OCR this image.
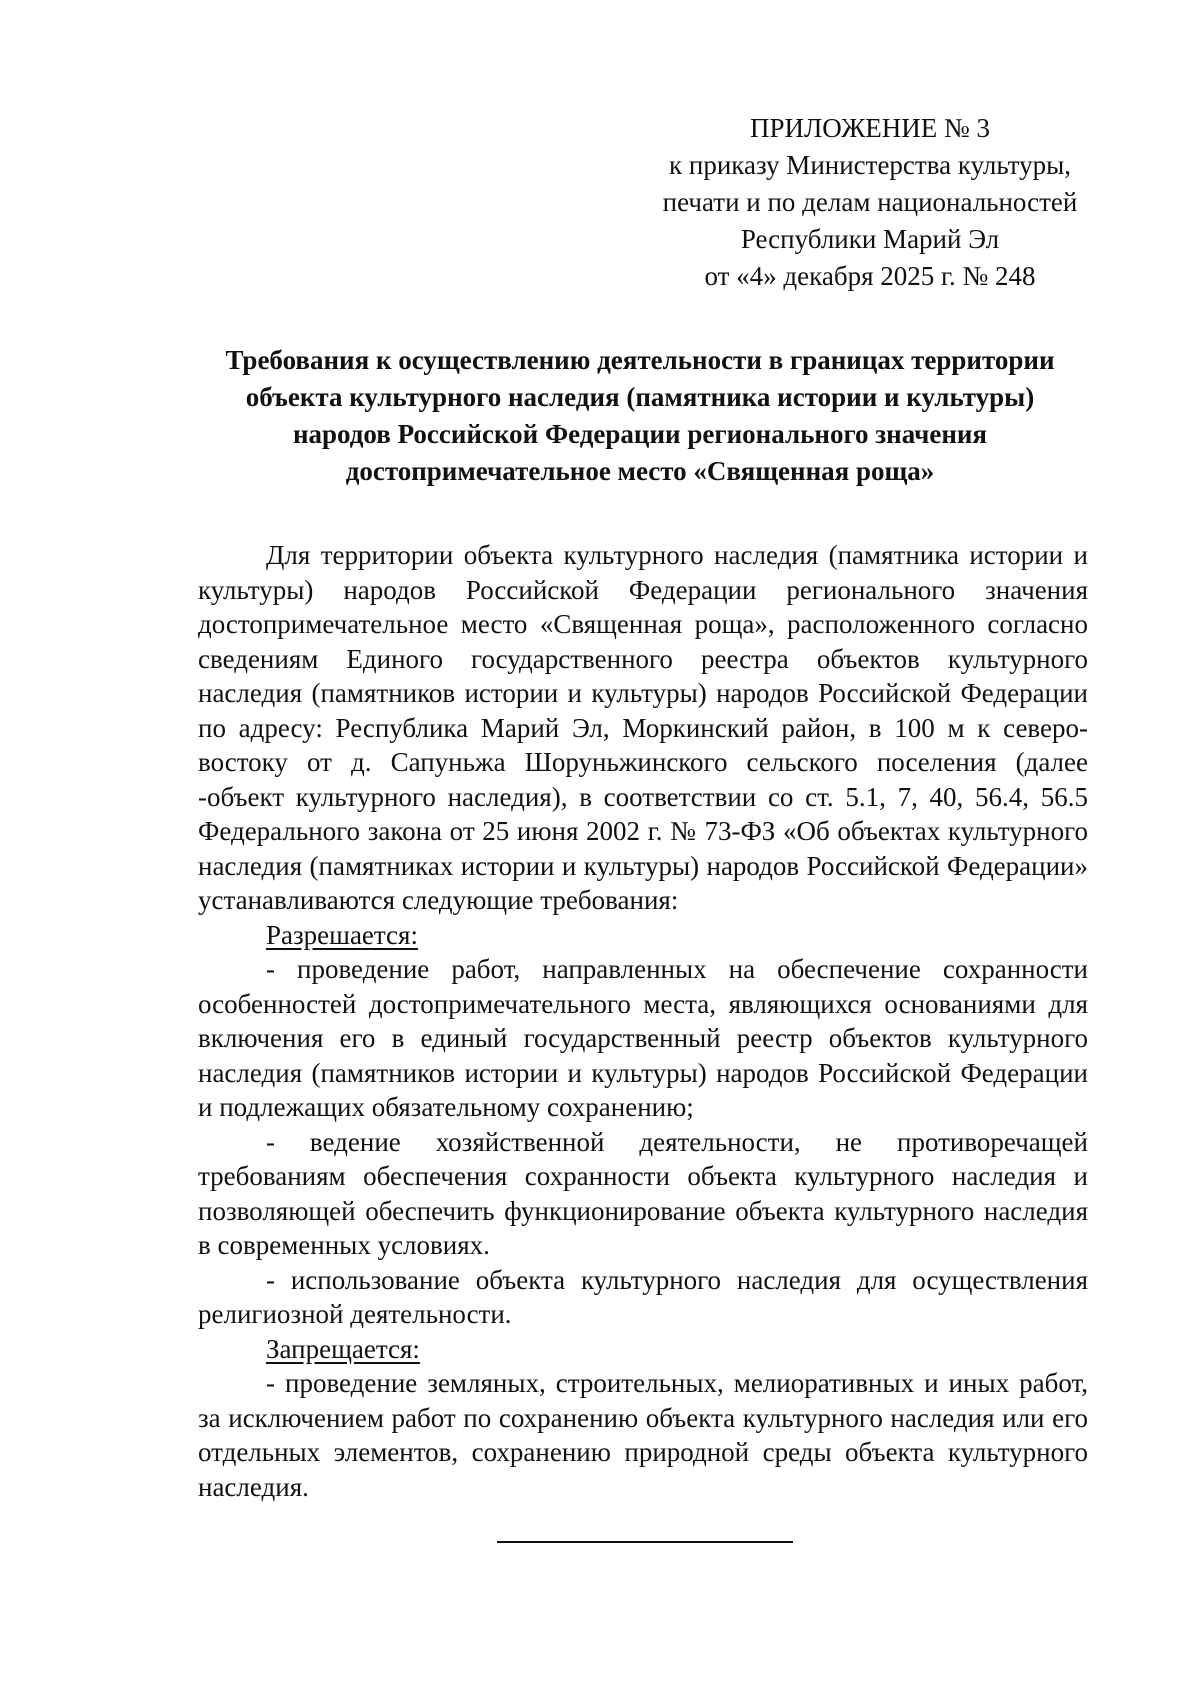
ПРИЛОЖЕНИЕ № 3
к приказу Министерства культуры,
печати и по делам национальностей
Республики Марий Эл
от «4» декабря 2025 г. № 248
Требования к осуществлению деятельности в границах территории
объекта культурного наследия (памятника истории и культуры)
народов Российской Федерации регионального значения
достопримечательное место «Священная роща»

Для территории объекта культурного наследия (памятника истории и культуры) народов Российской Федерации регионального значения достопримечательное место «Священная роща», расположенного согласно сведениям Единого государственного реестра объектов культурного наследия (памятников истории и культуры) народов Российской Федерации по адресу: Республика Марий Эл, Моркинский район, в 100 м к северо-востоку от д. Сапуньжа Шоруньжинского сельского поселения (далее -объект культурного наследия), в соответствии со ст. 5.1, 7, 40, 56.4, 56.5 Федерального закона от 25 июня 2002 г. № 73-ФЗ «Об объектах культурного наследия (памятниках истории и культуры) народов Российской Федерации» устанавливаются следующие требования:

Разрешается:

- проведение работ, направленных на обеспечение сохранности особенностей достопримечательного места, являющихся основаниями для включения его в единый государственный реестр объектов культурного наследия (памятников истории и культуры) народов Российской Федерации и подлежащих обязательному сохранению;

- ведение хозяйственной деятельности, не противоречащей требованиям обеспечения сохранности объекта культурного наследия и позволяющей обеспечить функционирование объекта культурного наследия в современных условиях.

- использование объекта культурного наследия для осуществления религиозной деятельности.

Запрещается:

- проведение земляных, строительных, мелиоративных и иных работ, за исключением работ по сохранению объекта культурного наследия или его отдельных элементов, сохранению природной среды объекта культурного наследия.
